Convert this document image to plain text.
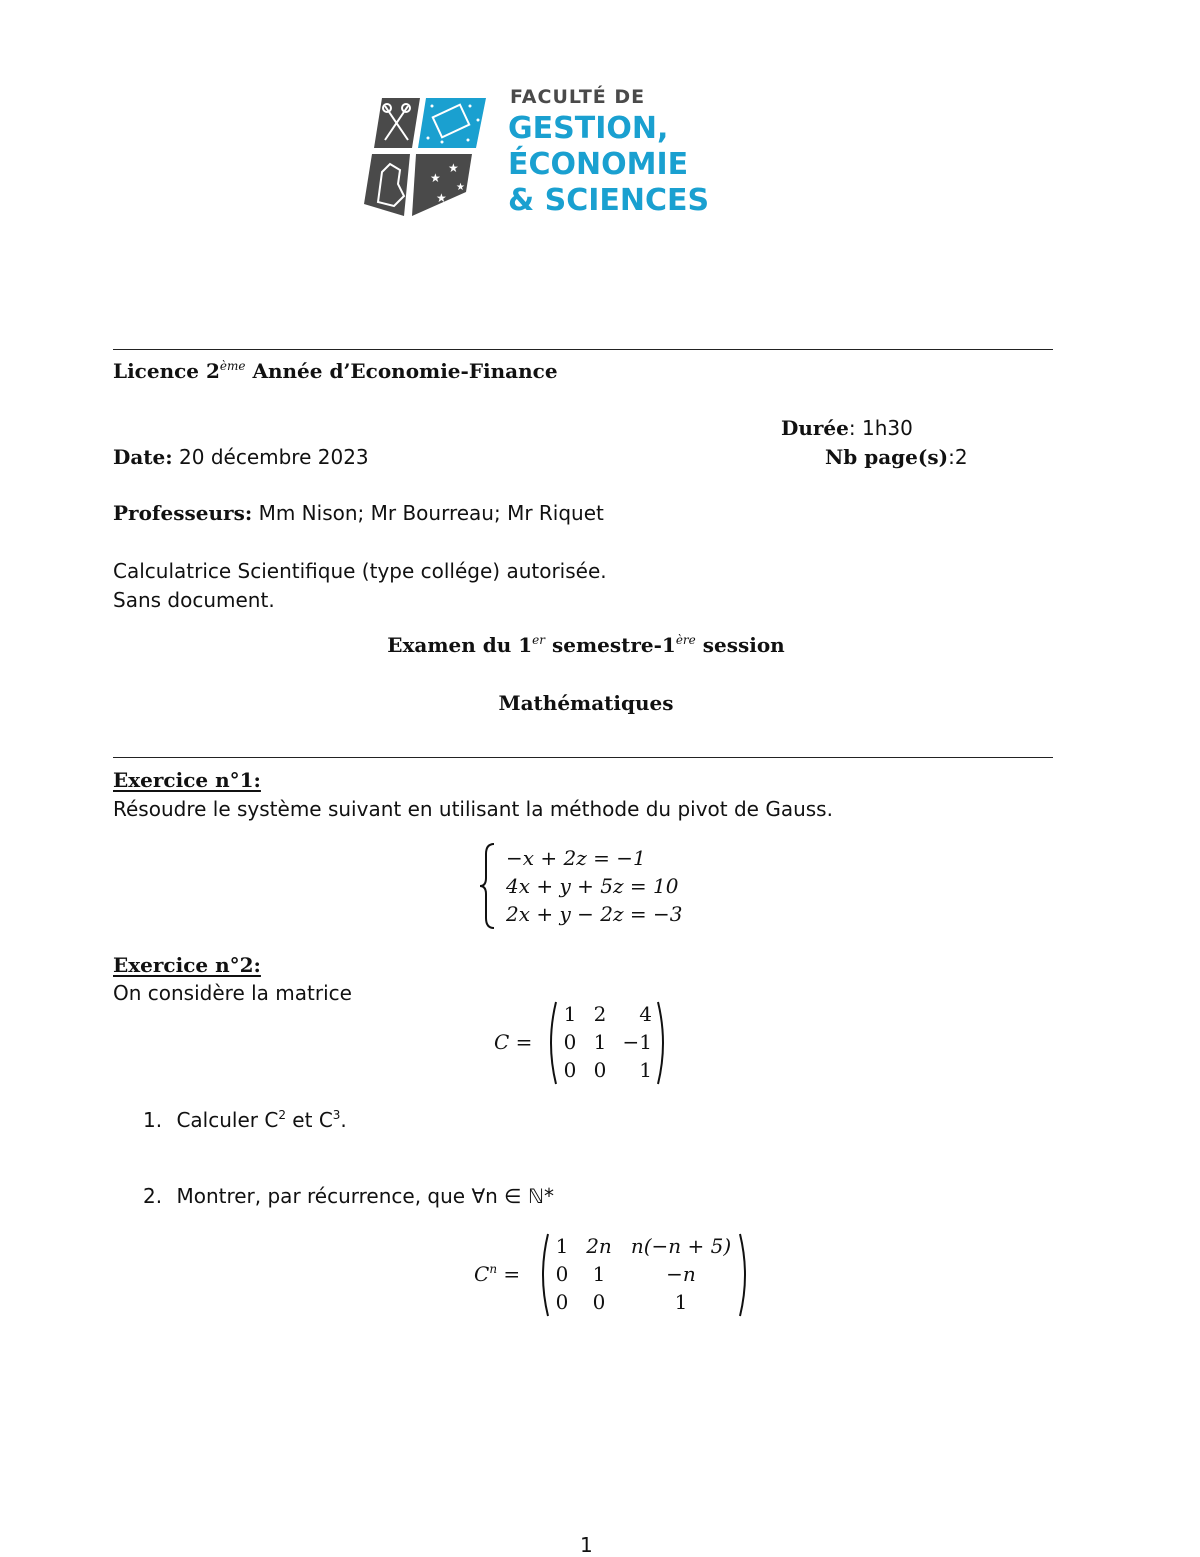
★
★
★
★
FACULTÉ DE
GESTION,
ÉCONOMIE
& SCIENCES
Licence 2ème Année d’Economie-Finance
Durée: 1h30
Date: 20 décembre 2023	Nb page(s):2
Professeurs: Mm Nison; Mr Bourreau; Mr Riquet
Calculatrice Scientifique (type collége) autorisée.
Sans document.
Examen du 1er semestre-1ère session
Mathématiques
Exercice n°1:
Résoudre le système suivant en utilisant la méthode du pivot de Gauss.
−x + 2z = −1
4x + y + 5z = 10
2x + y − 2z = −3
Exercice n°2:
On considère la matrice
C =
1 2	4
0 1 −1
0 0	1
1. Calculer $C^2$ et $C^3$.
2. Montrer, par récurrence, que ∀n ∈ ℕ*
$C^n$ =
1 2n n(−n + 5)
0	1	−n
0	0	1
1
